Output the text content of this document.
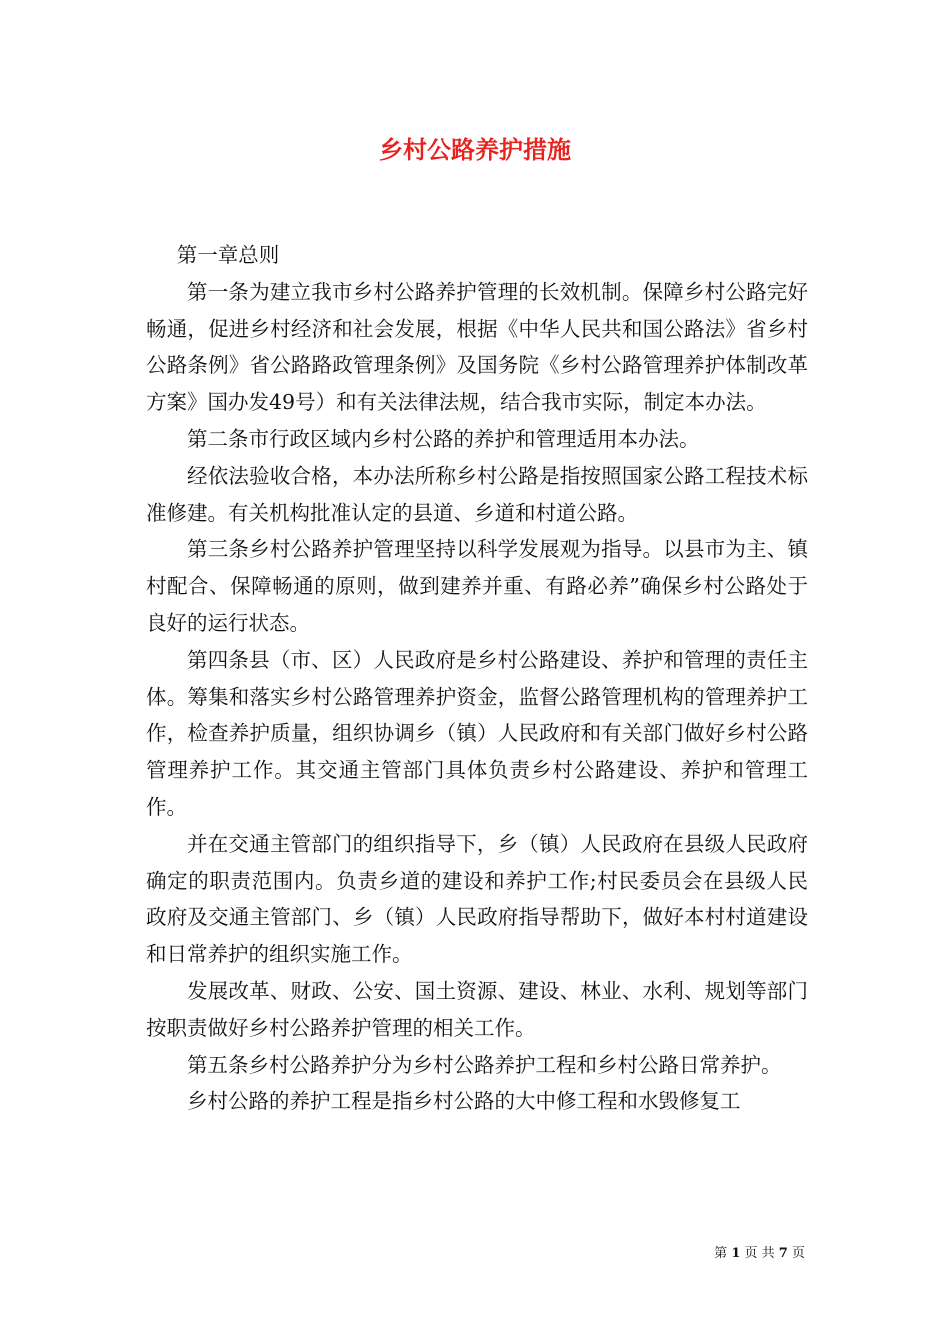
乡村公路养护措施

第一章总则

第一条为建立我市乡村公路养护管理的长效机制。保障乡村公路完好畅通，促进乡村经济和社会发展，根据《中华人民共和国公路法》省乡村公路条例》省公路路政管理条例》及国务院《乡村公路管理养护体制改革方案》国办发49号）和有关法律法规，结合我市实际，制定本办法。

第二条市行政区域内乡村公路的养护和管理适用本办法。

经依法验收合格，本办法所称乡村公路是指按照国家公路工程技术标准修建。有关机构批准认定的县道、乡道和村道公路。

第三条乡村公路养护管理坚持以科学发展观为指导。以县市为主、镇村配合、保障畅通的原则，做到建养并重、有路必养”确保乡村公路处于良好的运行状态。

第四条县（市、区）人民政府是乡村公路建设、养护和管理的责任主体。筹集和落实乡村公路管理养护资金，监督公路管理机构的管理养护工作，检查养护质量，组织协调乡（镇）人民政府和有关部门做好乡村公路管理养护工作。其交通主管部门具体负责乡村公路建设、养护和管理工作。

并在交通主管部门的组织指导下，乡（镇）人民政府在县级人民政府确定的职责范围内。负责乡道的建设和养护工作;村民委员会在县级人民政府及交通主管部门、乡（镇）人民政府指导帮助下，做好本村村道建设和日常养护的组织实施工作。

发展改革、财政、公安、国土资源、建设、林业、水利、规划等部门按职责做好乡村公路养护管理的相关工作。

第五条乡村公路养护分为乡村公路养护工程和乡村公路日常养护。

乡村公路的养护工程是指乡村公路的大中修工程和水毁修复工

第 1 页 共 7 页
